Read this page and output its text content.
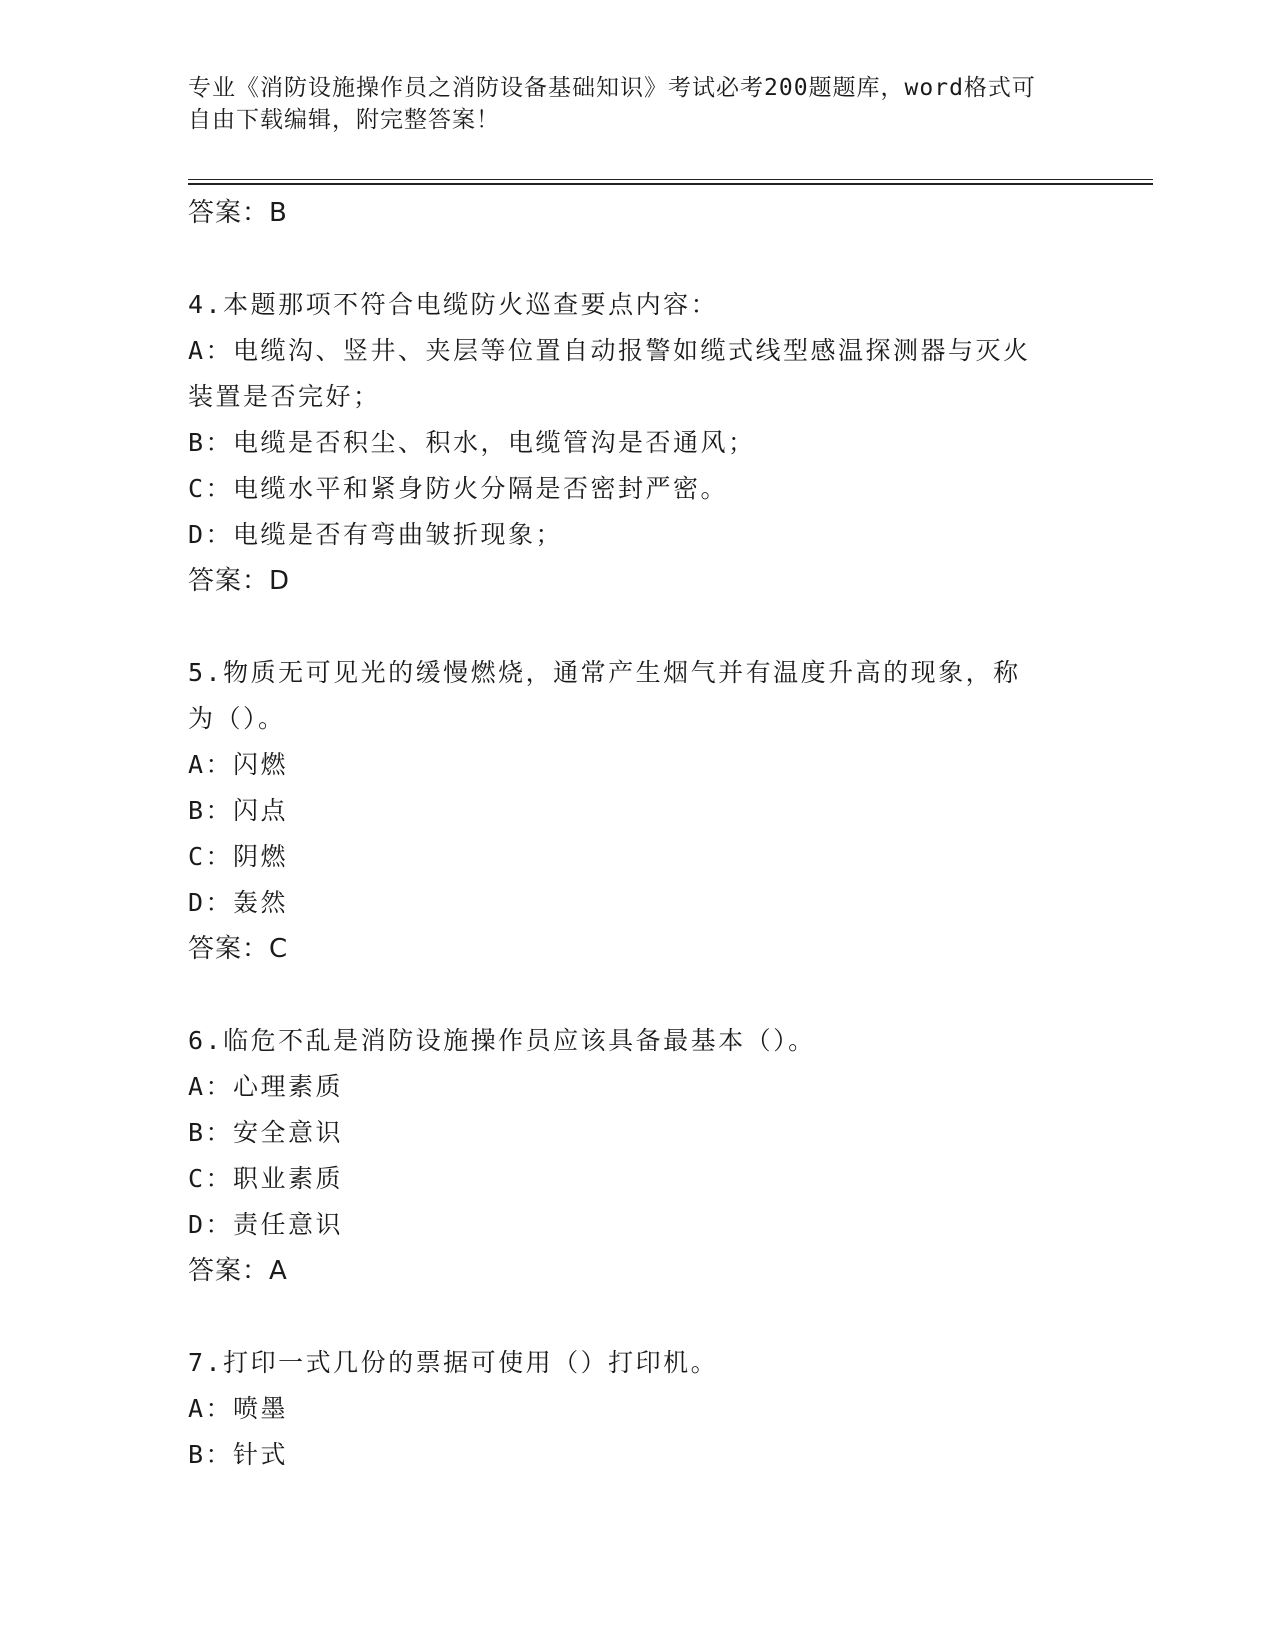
专业《消防设施操作员之消防设备基础知识》考试必考200题题库，word格式可
自由下载编辑，附完整答案！
答案：B
4.本题那项不符合电缆防火巡查要点内容：
A：电缆沟、竖井、夹层等位置自动报警如缆式线型感温探测器与灭火
装置是否完好；
B：电缆是否积尘、积水，电缆管沟是否通风；
C：电缆水平和紧身防火分隔是否密封严密。
D：电缆是否有弯曲皱折现象；
答案：D
5.物质无可见光的缓慢燃烧，通常产生烟气并有温度升高的现象，称
为（）。
A：闪燃
B：闪点
C：阴燃
D：轰然
答案：C
6.临危不乱是消防设施操作员应该具备最基本（）。
A：心理素质
B：安全意识
C：职业素质
D：责任意识
答案：A
7.打印一式几份的票据可使用（）打印机。
A：喷墨
B：针式
